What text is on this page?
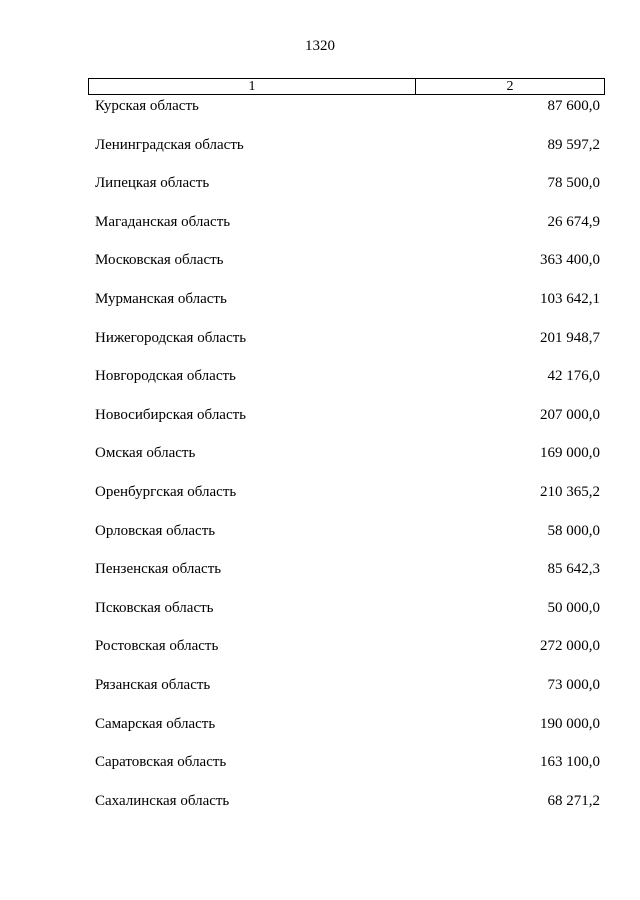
1320
1	2
Курская область	87 600,0
Ленинградская область	89 597,2
Липецкая область	78 500,0
Магаданская область	26 674,9
Московская область	363 400,0
Мурманская область	103 642,1
Нижегородская область	201 948,7
Новгородская область	42 176,0
Новосибирская область	207 000,0
Омская область	169 000,0
Оренбургская область	210 365,2
Орловская область	58 000,0
Пензенская область	85 642,3
Псковская область	50 000,0
Ростовская область	272 000,0
Рязанская область	73 000,0
Самарская область	190 000,0
Саратовская область	163 100,0
Сахалинская область	68 271,2
